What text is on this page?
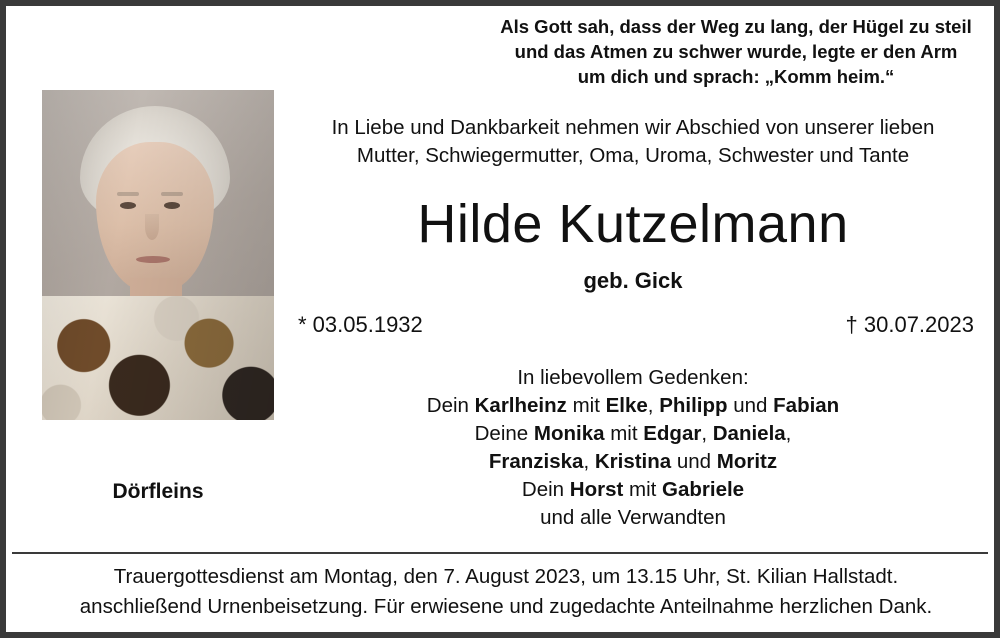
Als Gott sah, dass der Weg zu lang, der Hügel zu steil
und das Atmen zu schwer wurde, legte er den Arm
um dich und sprach: „Komm heim.“
Dörfleins
In Liebe und Dankbarkeit nehmen wir Abschied von unserer lieben
Mutter, Schwiegermutter, Oma, Uroma, Schwester und Tante
Hilde Kutzelmann
geb. Gick
* 03.05.1932	† 30.07.2023
In liebevollem Gedenken:
Dein Karlheinz mit Elke, Philipp und Fabian
Deine Monika mit Edgar, Daniela,
Franziska, Kristina und Moritz
Dein Horst mit Gabriele
und alle Verwandten
Trauergottesdienst am Montag, den 7. August 2023, um 13.15 Uhr, St. Kilian Hallstadt.
anschließend Urnenbeisetzung. Für erwiesene und zugedachte Anteilnahme herzlichen Dank.
